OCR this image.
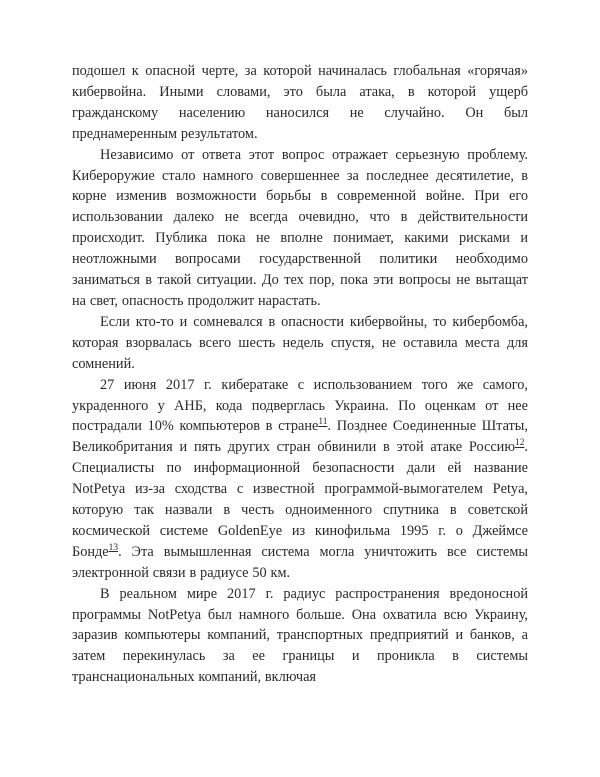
подошел к опасной черте, за которой начиналась глобальная «горячая» кибервойна. Иными словами, это была атака, в которой ущерб гражданскому населению наносился не случайно. Он был преднамеренным результатом.

Независимо от ответа этот вопрос отражает серьезную проблему. Кибероружие стало намного совершеннее за последнее десятилетие, в корне изменив возможности борьбы в современной войне. При его использовании далеко не всегда очевидно, что в действительности происходит. Публика пока не вполне понимает, какими рисками и неотложными вопросами государственной политики необходимо заниматься в такой ситуации. До тех пор, пока эти вопросы не вытащат на свет, опасность продолжит нарастать.

Если кто-то и сомневался в опасности кибервойны, то кибербомба, которая взорвалась всего шесть недель спустя, не оставила места для сомнений.

27 июня 2017 г. кибератаке с использованием того же самого, украденного у АНБ, кода подверглась Украина. По оценкам от нее пострадали 10% компьютеров в стране$^{11}$. Позднее Соединенные Штаты, Великобритания и пять других стран обвинили в этой атаке Россию$^{12}$. Специалисты по информационной безопасности дали ей название NotPetya из-за сходства с известной программой-вымогателем Petya, которую так назвали в честь одноименного спутника в советской космической системе GoldenEye из кинофильма 1995 г. о Джеймсе Бонде$^{13}$. Эта вымышленная система могла уничтожить все системы электронной связи в радиусе 50 км.

В реальном мире 2017 г. радиус распространения вредоносной программы NotPetya был намного больше. Она охватила всю Украину, заразив компьютеры компаний, транспортных предприятий и банков, а затем перекинулась за ее границы и проникла в системы транснациональных компаний, включая
